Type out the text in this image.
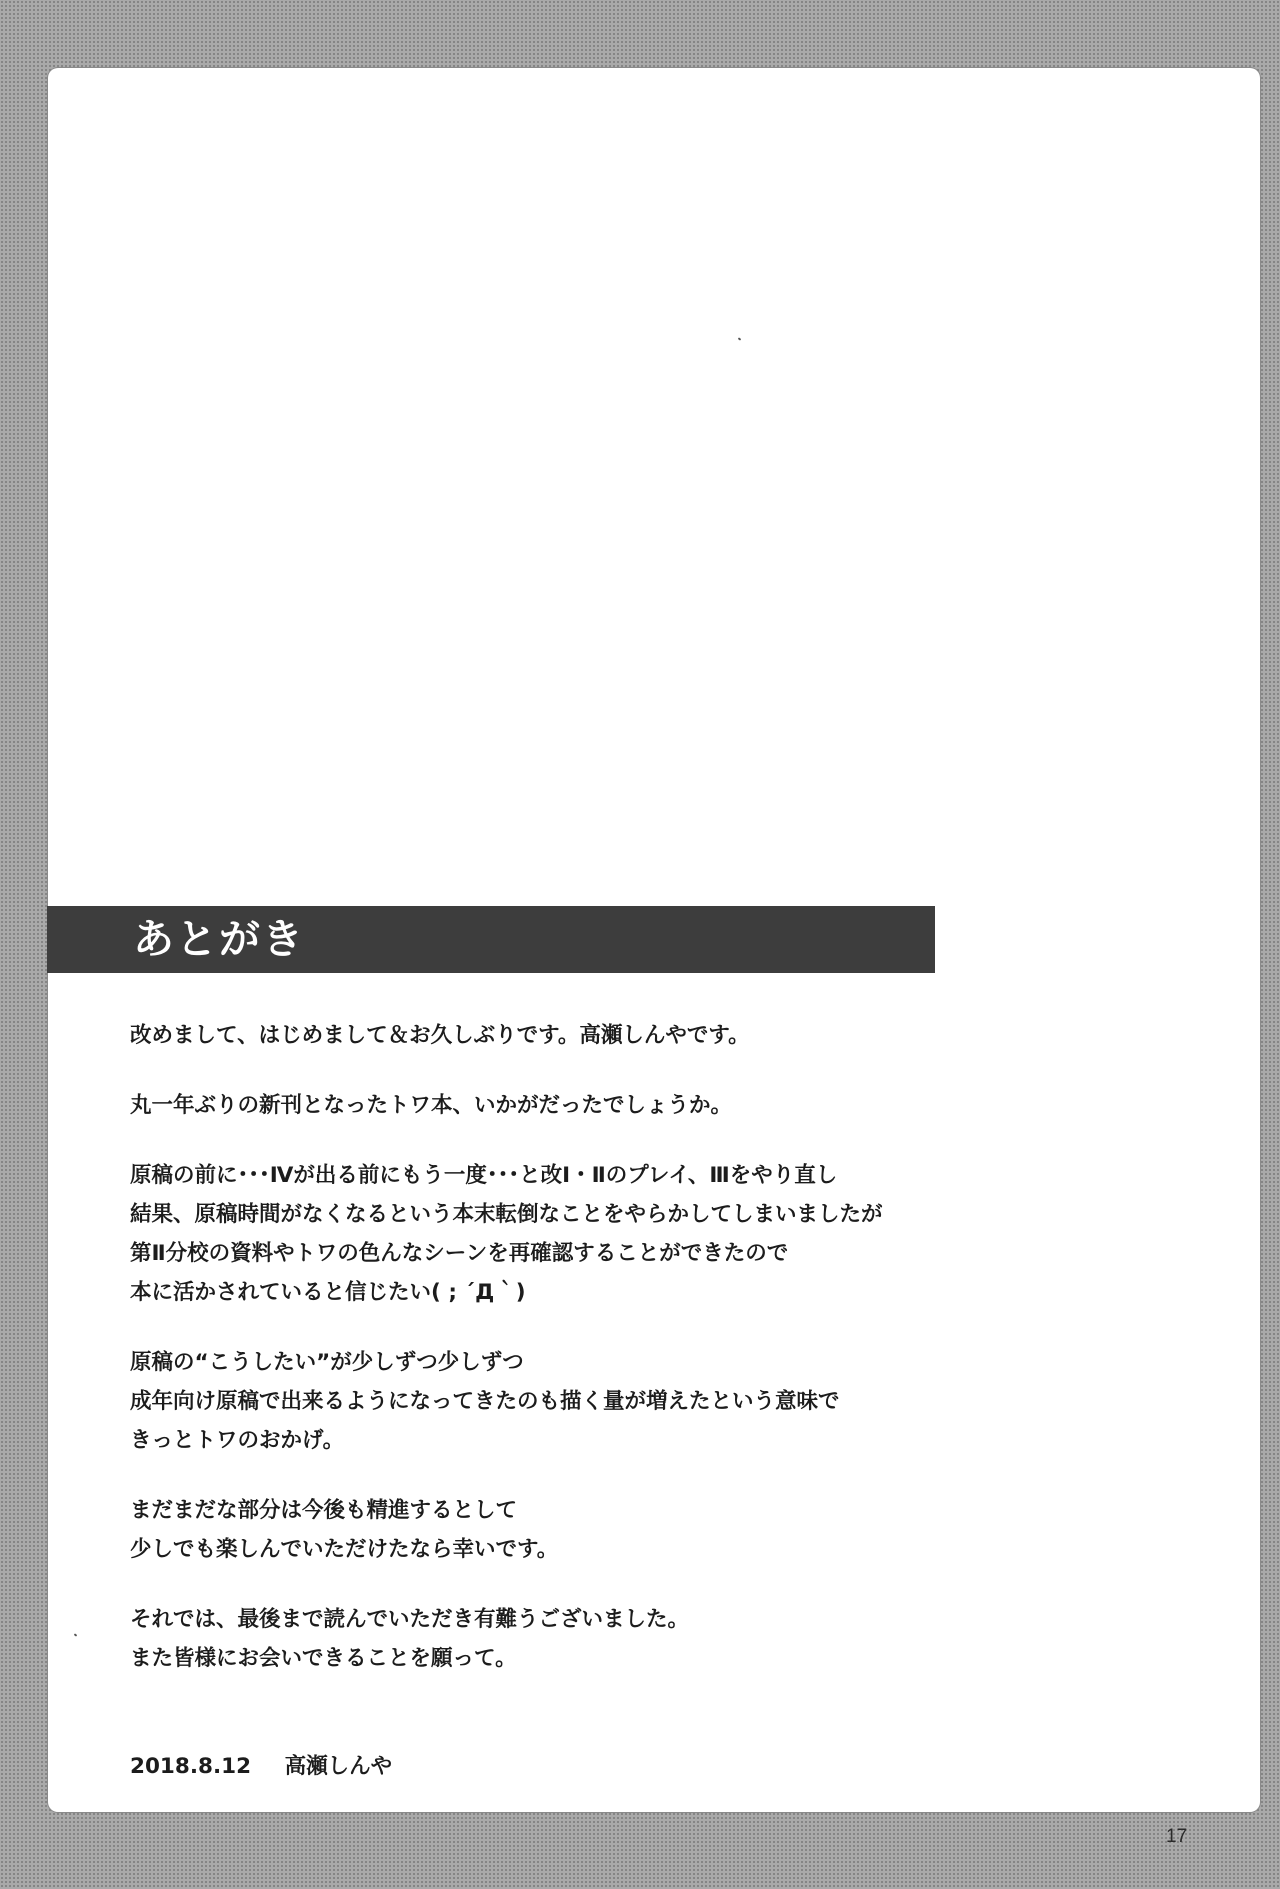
あとがき

改めまして、はじめまして＆お久しぶりです。高瀬しんやです。

丸一年ぶりの新刊となったトワ本、いかがだったでしょうか。

原稿の前に･･･Ⅳが出る前にもう一度･･･と改Ⅰ・Ⅱのプレイ、Ⅲをやり直し
結果、原稿時間がなくなるという本末転倒なことをやらかしてしまいましたが
第Ⅱ分校の資料やトワの色んなシーンを再確認することができたので
本に活かされていると信じたい( ; ´Д｀)

原稿の“こうしたい”が少しずつ少しずつ
成年向け原稿で出来るようになってきたのも描く量が増えたという意味で
きっとトワのおかげ。

まだまだな部分は今後も精進するとして
少しでも楽しんでいただけたなら幸いです。

それでは、最後まで読んでいただき有難うございました。
また皆様にお会いできることを願って。

2018.8.12 高瀬しんや
17
